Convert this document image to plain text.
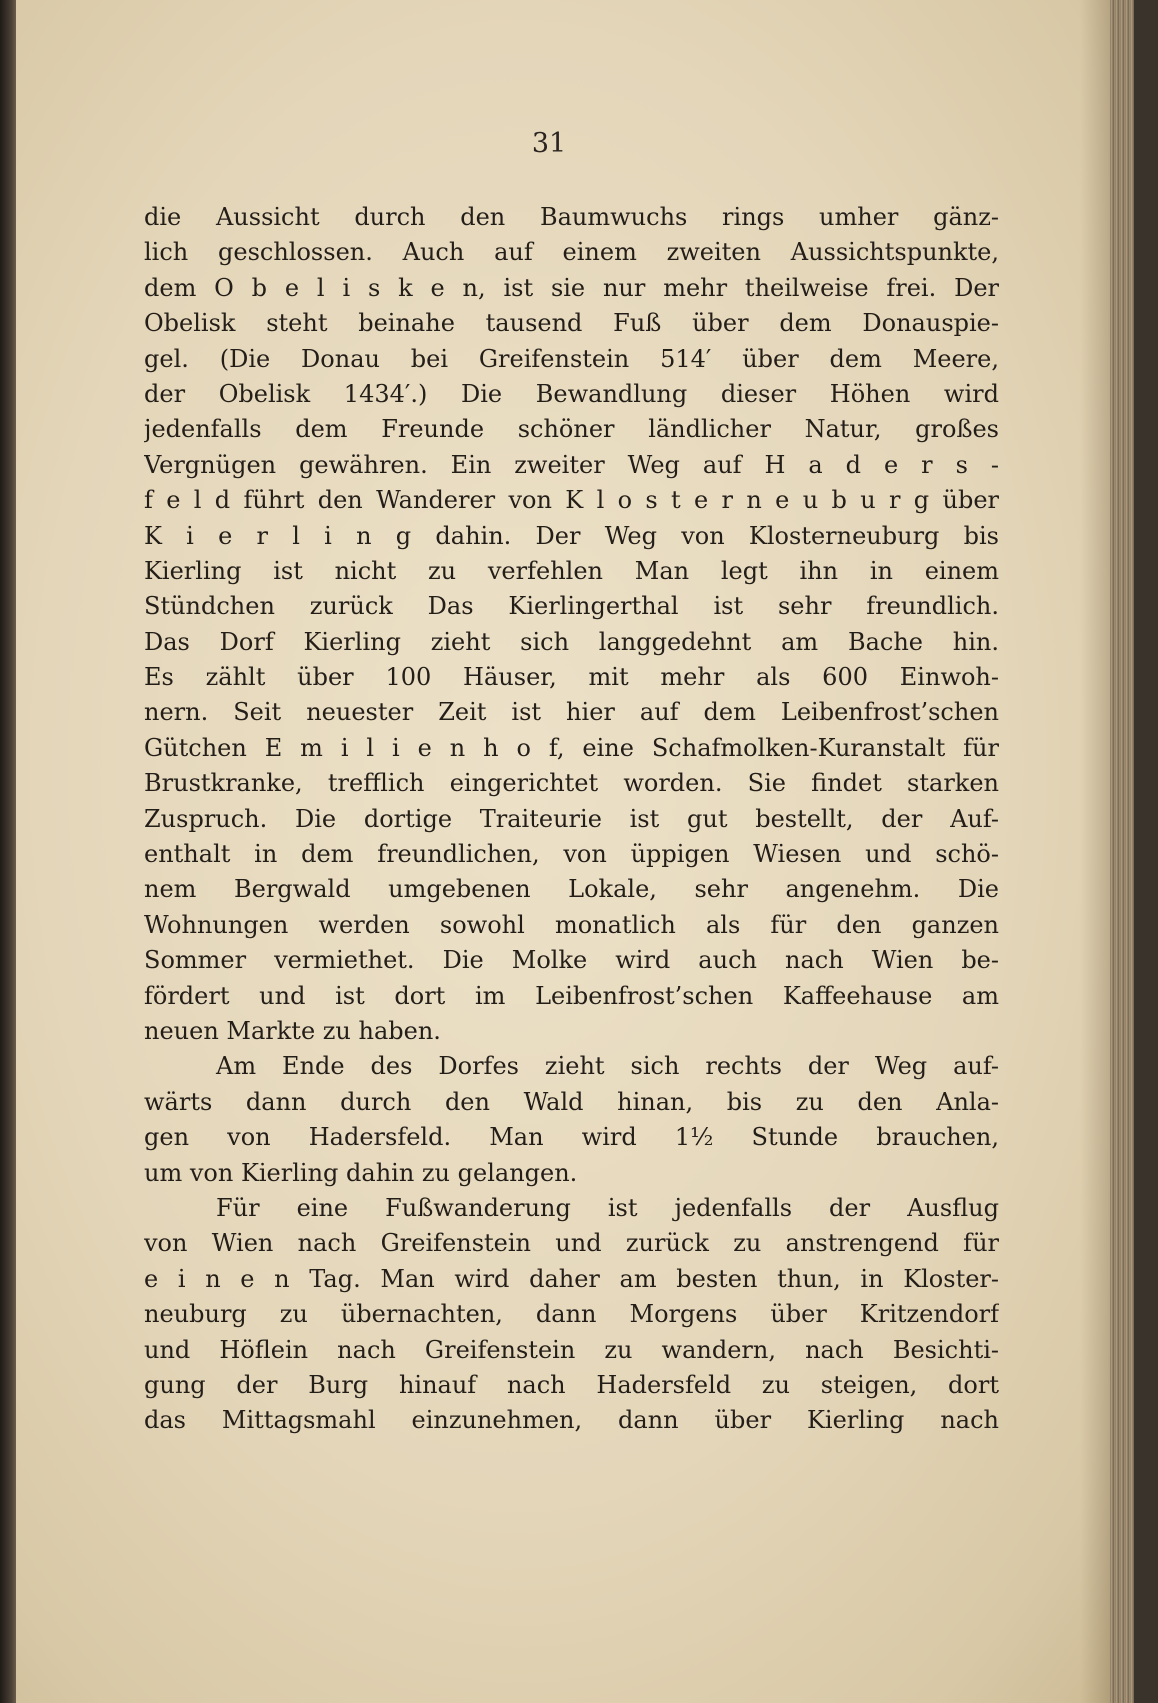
31
die Aussicht durch den Baumwuchs rings umher gänz-
lich geschlossen. Auch auf einem zweiten Aussichtspunkte,
dem O b e l i s k e n, ist sie nur mehr theilweise frei. Der
Obelisk steht beinahe tausend Fuß über dem Donauspie-
gel. (Die Donau bei Greifenstein 514′ über dem Meere,
der Obelisk 1434′.) Die Bewandlung dieser Höhen wird
jedenfalls dem Freunde schöner ländlicher Natur, großes
Vergnügen gewähren. Ein zweiter Weg auf H a d e r s -
f e l d führt den Wanderer von K l o s t e r n e u b u r g über
K i e r l i n g dahin. Der Weg von Klosterneuburg bis
Kierling ist nicht zu verfehlen Man legt ihn in einem
Stündchen zurück Das Kierlingerthal ist sehr freundlich.
Das Dorf Kierling zieht sich langgedehnt am Bache hin.
Es zählt über 100 Häuser, mit mehr als 600 Einwoh-
nern. Seit neuester Zeit ist hier auf dem Leibenfrost’schen
Gütchen E m i l i e n h o f, eine Schafmolken-Kuranstalt für
Brustkranke, trefflich eingerichtet worden. Sie findet starken
Zuspruch. Die dortige Traiteurie ist gut bestellt, der Auf-
enthalt in dem freundlichen, von üppigen Wiesen und schö-
nem Bergwald umgebenen Lokale, sehr angenehm. Die
Wohnungen werden sowohl monatlich als für den ganzen
Sommer vermiethet. Die Molke wird auch nach Wien be-
fördert und ist dort im Leibenfrost’schen Kaffeehause am
neuen Markte zu haben.
Am Ende des Dorfes zieht sich rechts der Weg auf-
wärts dann durch den Wald hinan, bis zu den Anla-
gen von Hadersfeld. Man wird 1½ Stunde brauchen,
um von Kierling dahin zu gelangen.
Für eine Fußwanderung ist jedenfalls der Ausflug
von Wien nach Greifenstein und zurück zu anstrengend für
e i n e n Tag. Man wird daher am besten thun, in Kloster-
neuburg zu übernachten, dann Morgens über Kritzendorf
und Höflein nach Greifenstein zu wandern, nach Besichti-
gung der Burg hinauf nach Hadersfeld zu steigen, dort
das Mittagsmahl einzunehmen, dann über Kierling nach
